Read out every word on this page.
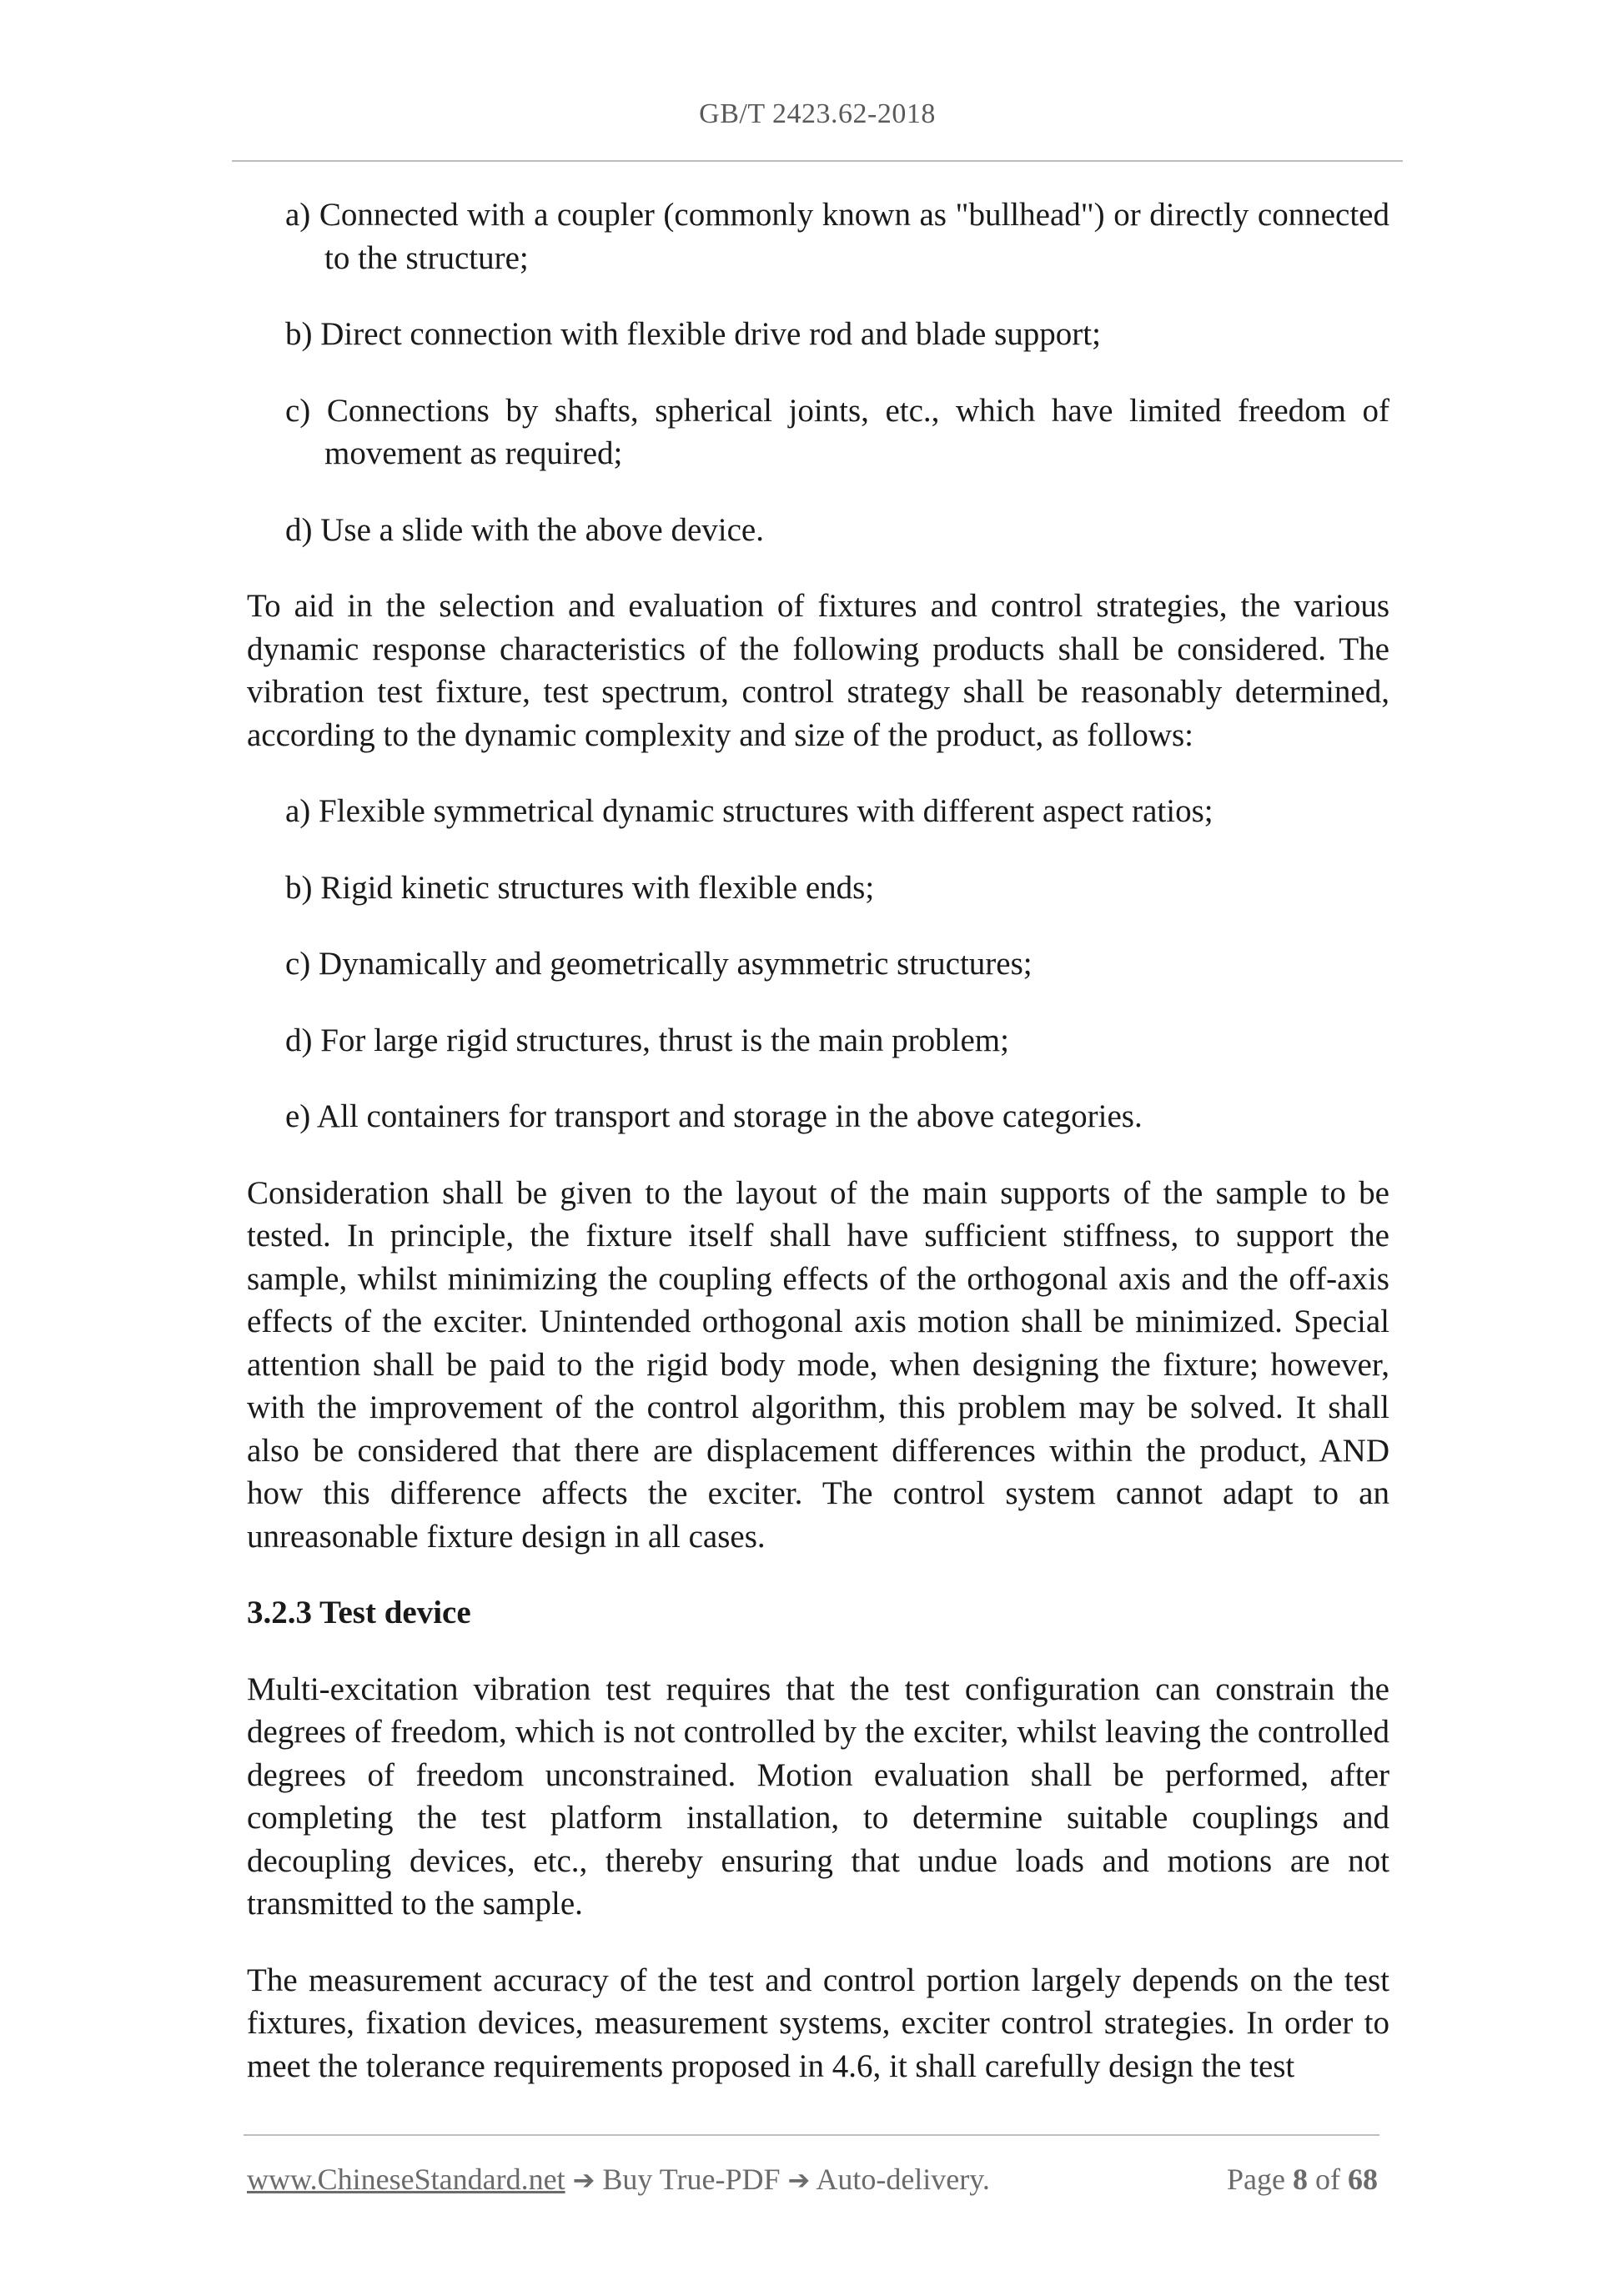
GB/T 2423.62-2018

a) Connected with a coupler (commonly known as "bullhead") or directly connected to the structure;

b) Direct connection with flexible drive rod and blade support;

c) Connections by shafts, spherical joints, etc., which have limited freedom of movement as required;

d) Use a slide with the above device.

To aid in the selection and evaluation of fixtures and control strategies, the various dynamic response characteristics of the following products shall be considered. The vibration test fixture, test spectrum, control strategy shall be reasonably determined, according to the dynamic complexity and size of the product, as follows:

a) Flexible symmetrical dynamic structures with different aspect ratios;

b) Rigid kinetic structures with flexible ends;

c) Dynamically and geometrically asymmetric structures;

d) For large rigid structures, thrust is the main problem;

e) All containers for transport and storage in the above categories.

Consideration shall be given to the layout of the main supports of the sample to be tested. In principle, the fixture itself shall have sufficient stiffness, to support the sample, whilst minimizing the coupling effects of the orthogonal axis and the off-axis effects of the exciter. Unintended orthogonal axis motion shall be minimized. Special attention shall be paid to the rigid body mode, when designing the fixture; however, with the improvement of the control algorithm, this problem may be solved. It shall also be considered that there are displacement differences within the product, AND how this difference affects the exciter. The control system cannot adapt to an unreasonable fixture design in all cases.

3.2.3 Test device

Multi-excitation vibration test requires that the test configuration can constrain the degrees of freedom, which is not controlled by the exciter, whilst leaving the controlled degrees of freedom unconstrained. Motion evaluation shall be performed, after completing the test platform installation, to determine suitable couplings and decoupling devices, etc., thereby ensuring that undue loads and motions are not transmitted to the sample.

The measurement accuracy of the test and control portion largely depends on the test fixtures, fixation devices, measurement systems, exciter control strategies. In order to meet the tolerance requirements proposed in 4.6, it shall carefully design the test

www.ChineseStandard.net ➔ Buy True-PDF ➔ Auto-delivery.	Page 8 of 68
